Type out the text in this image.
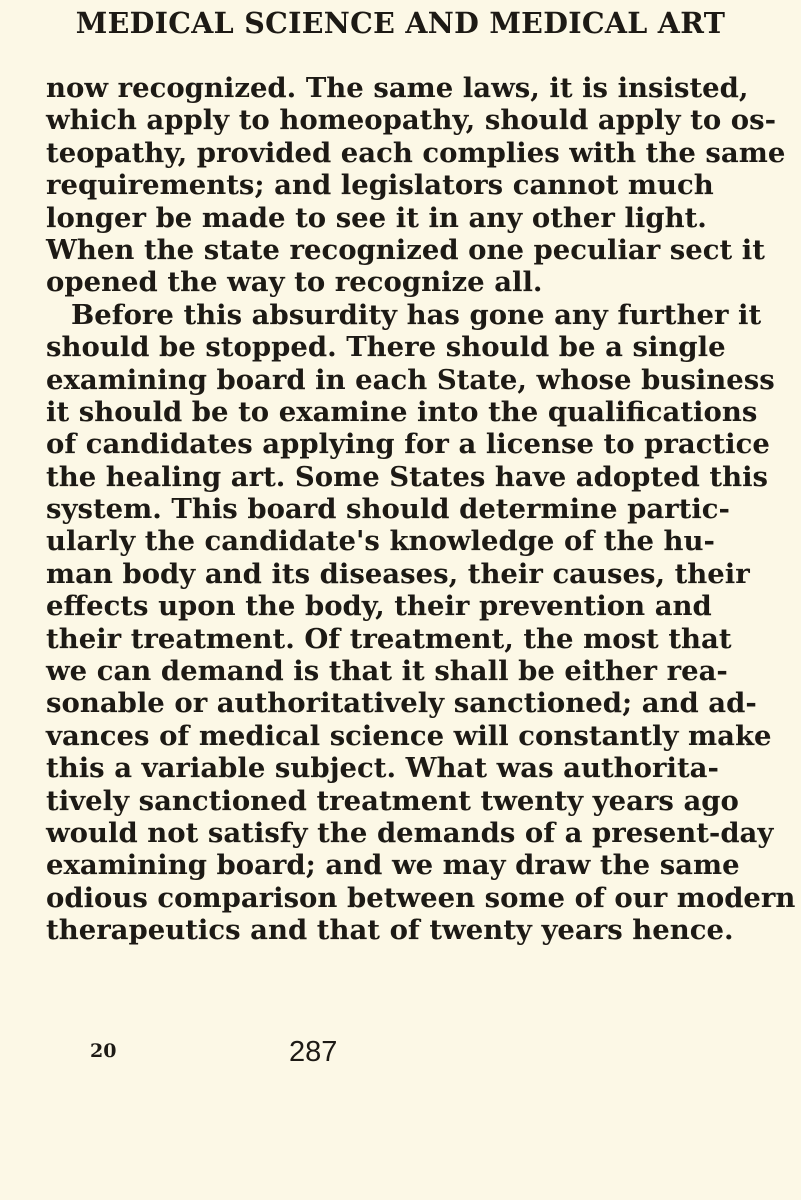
MEDICAL SCIENCE AND MEDICAL ART
now recognized. The same laws, it is insisted,
which apply to homeopathy, should apply to os-
teopathy, provided each complies with the same
requirements; and legislators cannot much
longer be made to see it in any other light.
When the state recognized one peculiar sect it
opened the way to recognize all.
Before this absurdity has gone any further it
should be stopped. There should be a single
examining board in each State, whose business
it should be to examine into the qualifications
of candidates applying for a license to practice
the healing art. Some States have adopted this
system. This board should determine partic-
ularly the candidate's knowledge of the hu-
man body and its diseases, their causes, their
effects upon the body, their prevention and
their treatment. Of treatment, the most that
we can demand is that it shall be either rea-
sonable or authoritatively sanctioned; and ad-
vances of medical science will constantly make
this a variable subject. What was authorita-
tively sanctioned treatment twenty years ago
would not satisfy the demands of a present-day
examining board; and we may draw the same
odious comparison between some of our modern
therapeutics and that of twenty years hence.
20	287
